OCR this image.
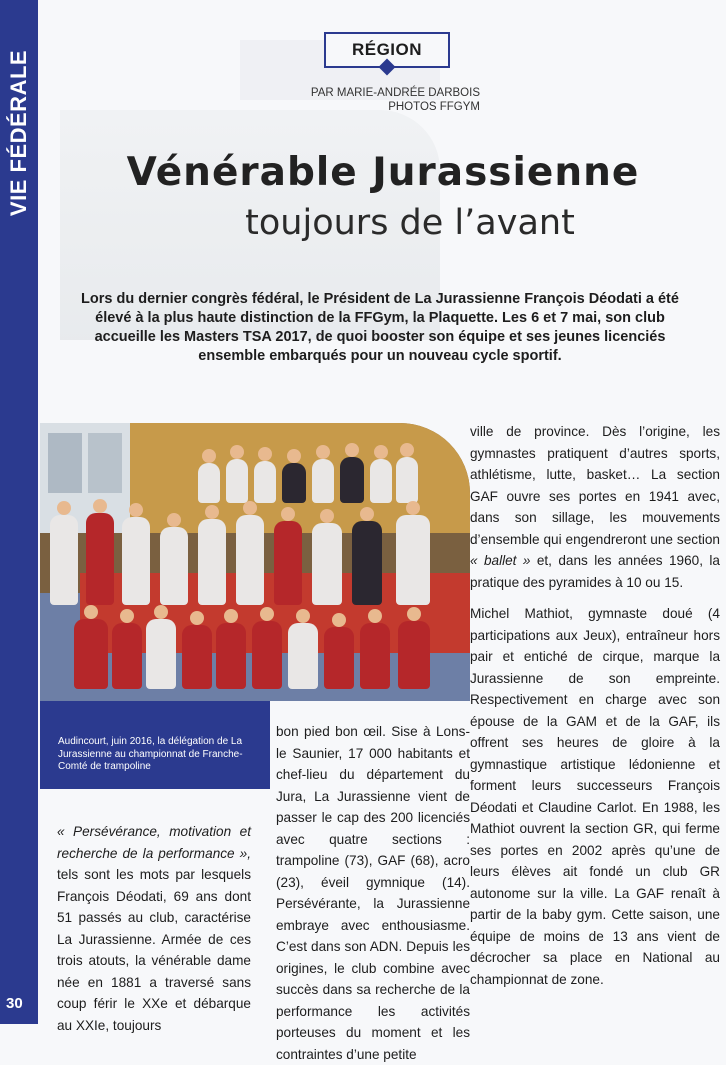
VIE FÉDÉRALE
30
RÉGION
PAR MARIE-ANDRÉE DARBOIS
PHOTOS FFGYM
Vénérable Jurassienne
toujours de l’avant
Lors du dernier congrès fédéral, le Président de La Jurassienne François Déodati a été élevé à la plus haute distinction de la FFGym, la Plaquette. Les 6 et 7 mai, son club accueille les Masters TSA 2017, de quoi booster son équipe et ses jeunes licenciés ensemble embarqués pour un nouveau cycle sportif.
Audincourt, juin 2016, la délégation de La Jurassienne au championnat de Franche-Comté de trampoline

ville de province. Dès l’origine, les gymnastes pratiquent d’autres sports, athlétisme, lutte, basket… La section GAF ouvre ses portes en 1941 avec, dans son sillage, les mouvements d’ensemble qui engendreront une section « ballet » et, dans les années 1960, la pratique des pyramides à 10 ou 15.

Michel Mathiot, gymnaste doué (4 participations aux Jeux), entraîneur hors pair et entiché de cirque, marque la Jurassienne de son empreinte. Respectivement en charge avec son épouse de la GAM et de la GAF, ils offrent ses heures de gloire à la gymnastique artistique lédonienne et forment leurs successeurs François Déodati et Claudine Carlot. En 1988, les Mathiot ouvrent la section GR, qui ferme ses portes en 2002 après qu’une de leurs élèves ait fondé un club GR autonome sur la ville. La GAF renaît à partir de la baby gym. Cette saison, une équipe de moins de 13 ans vient de décrocher sa place en National au championnat de zone.

bon pied bon œil. Sise à Lons-le Saunier, 17 000 habitants et chef-lieu du département du Jura, La Jurassienne vient de passer le cap des 200 licenciés avec quatre sections : trampoline (73), GAF (68), acro (23), éveil gymnique (14). Persévérante, la Jurassienne embraye avec enthousiasme. C’est dans son ADN. Depuis les origines, le club combine avec succès dans sa recherche de la performance les activités porteuses du moment et les contraintes d’une petite

« Persévérance, motivation et recherche de la performance », tels sont les mots par lesquels François Déodati, 69 ans dont 51 passés au club, caractérise La Jurassienne. Armée de ces trois atouts, la vénérable dame née en 1881 a traversé sans coup férir le XXe et débarque au XXIe, toujours
